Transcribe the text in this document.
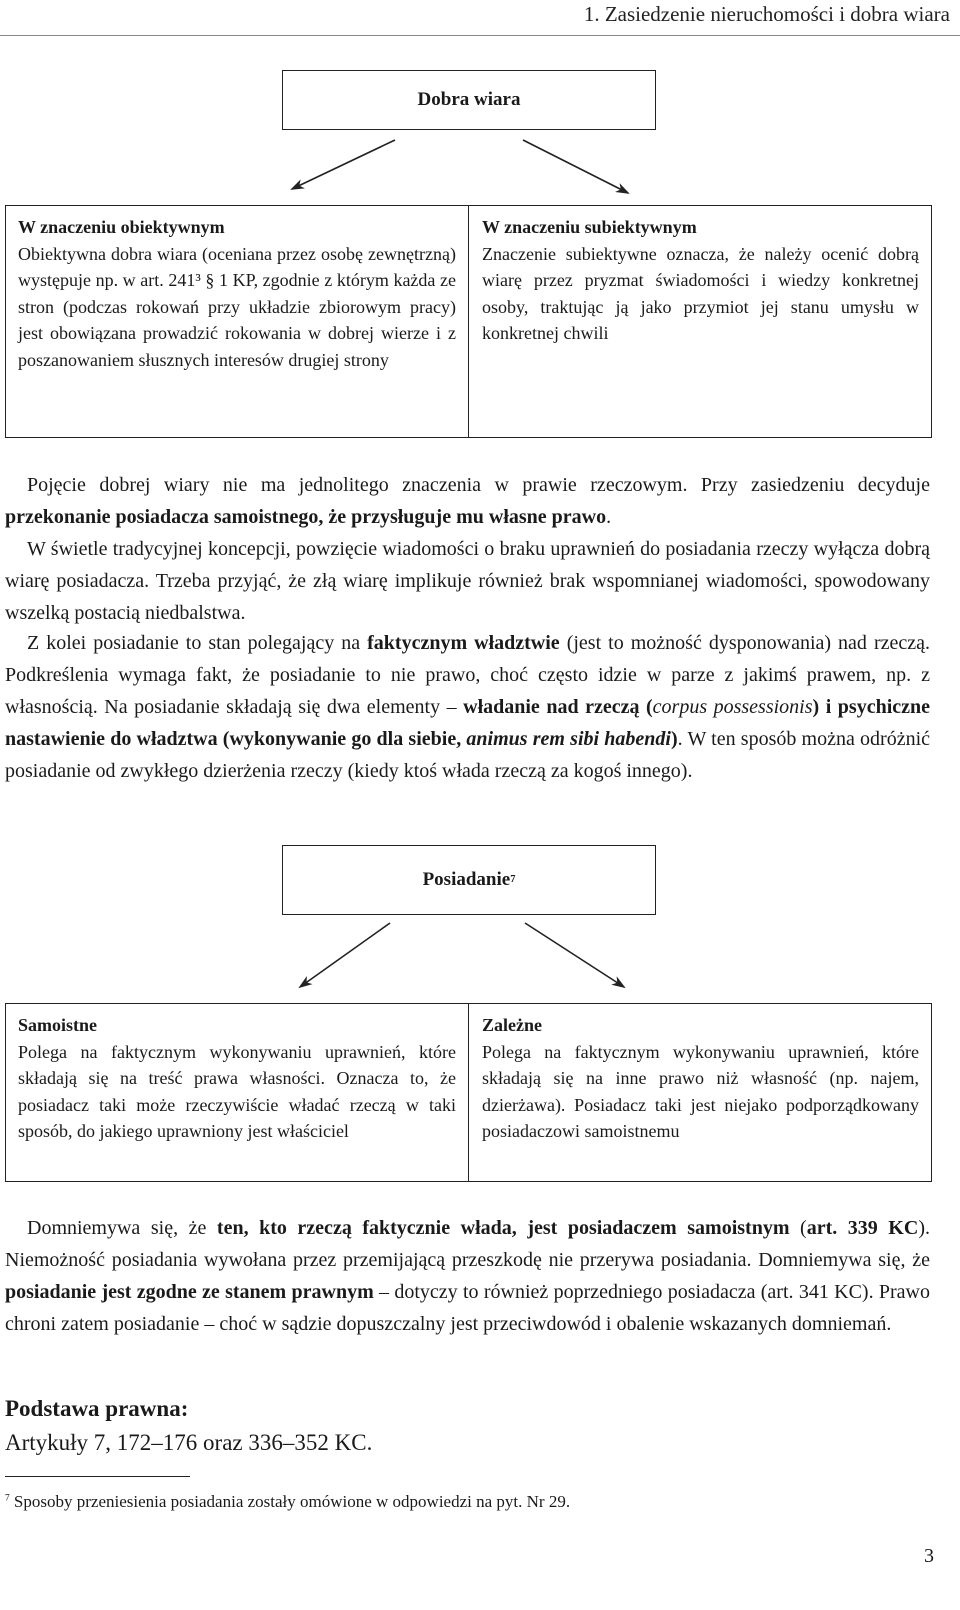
1. Zasiedzenie nieruchomości i dobra wiara
Dobra wiara
W znaczeniu obiektywnym
Obiektywna dobra wiara (oceniana przez osobę zewnętrzną) występuje np. w art. 241³ § 1 KP, zgodnie z którym każda ze stron (podczas rokowań przy układzie zbiorowym pracy) jest obowiązana prowadzić rokowania w dobrej wierze i z poszanowaniem słusznych interesów drugiej strony
W znaczeniu subiektywnym
Znaczenie subiektywne oznacza, że należy ocenić dobrą wiarę przez pryzmat świadomości i wiedzy konkretnej osoby, traktując ją jako przymiot jej stanu umysłu w konkretnej chwili
Pojęcie dobrej wiary nie ma jednolitego znaczenia w prawie rzeczowym. Przy zasiedzeniu decyduje przekonanie posiadacza samoistnego, że przysługuje mu własne prawo.
W świetle tradycyjnej koncepcji, powzięcie wiadomości o braku uprawnień do posiadania rzeczy wyłącza dobrą wiarę posiadacza. Trzeba przyjąć, że złą wiarę implikuje również brak wspomnianej wiadomości, spowodowany wszelką postacią niedbalstwa.
Z kolei posiadanie to stan polegający na faktycznym władztwie (jest to możność dysponowania) nad rzeczą. Podkreślenia wymaga fakt, że posiadanie to nie prawo, choć często idzie w parze z jakimś prawem, np. z własnością. Na posiadanie składają się dwa elementy – władanie nad rzeczą (corpus possessionis) i psychiczne nastawienie do władztwa (wykonywanie go dla siebie, animus rem sibi habendi). W ten sposób można odróżnić posiadanie od zwykłego dzierżenia rzeczy (kiedy ktoś włada rzeczą za kogoś innego).
Posiadanie 7
Samoistne
Polega na faktycznym wykonywaniu uprawnień, które składają się na treść prawa własności. Oznacza to, że posiadacz taki może rzeczywiście władać rzeczą w taki sposób, do jakiego uprawniony jest właściciel
Zależne
Polega na faktycznym wykonywaniu uprawnień, które składają się na inne prawo niż własność (np. najem, dzierżawa). Posiadacz taki jest niejako podporządkowany posiadaczowi samoistnemu
Domniemywa się, że ten, kto rzeczą faktycznie włada, jest posiadaczem samoistnym (art. 339 KC). Niemożność posiadania wywołana przez przemijającą przeszkodę nie przerywa posiadania. Domniemywa się, że posiadanie jest zgodne ze stanem prawnym – dotyczy to również poprzedniego posiadacza (art. 341 KC). Prawo chroni zatem posiadanie – choć w sądzie dopuszczalny jest przeciwdowód i obalenie wskazanych domniemań.
Podstawa prawna:
Artykuły 7, 172–176 oraz 336–352 KC.
$^7$ Sposoby przeniesienia posiadania zostały omówione w odpowiedzi na pyt. Nr 29.
3
